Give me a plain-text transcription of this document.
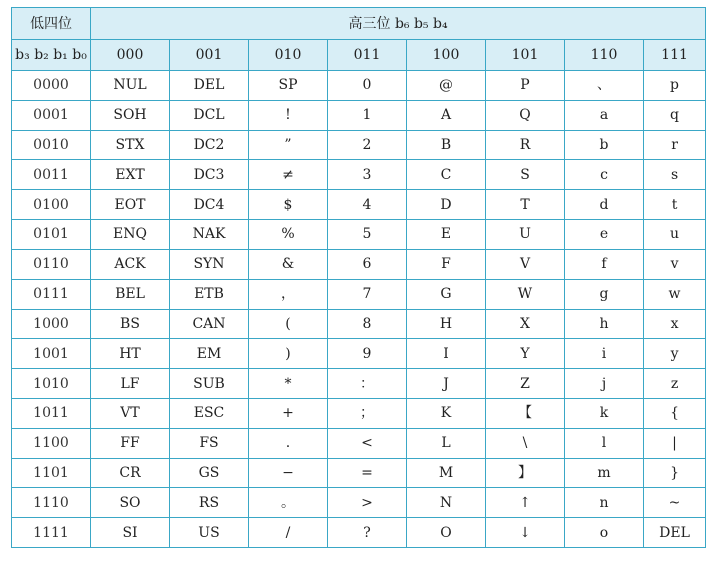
低四位	高三位 b₆ b₅ b₄							
b₃ b₂ b₁ b₀	000	001	010	011	100	101	110	111
0000	NUL	DEL	SP	0	@	P	、	p
0001	SOH	DCL	!	1	A	Q	a	q
0010	STX	DC2	”	2	B	R	b	r
0011	EXT	DC3	≠	3	C	S	c	s
0100	EOT	DC4	$	4	D	T	d	t
0101	ENQ	NAK	%	5	E	U	e	u
0110	ACK	SYN	&	6	F	V	f	v
0111	BEL	ETB	，	7	G	W	g	w
1000	BS	CAN	(	8	H	X	h	x
1001	HT	EM	)	9	I	Y	i	y
1010	LF	SUB	*	：	J	Z	j	z
1011	VT	ESC	+	；	K	【	k	{
1100	FF	FS	.	<	L	\	l	|
1101	CR	GS	−	=	M	】	m	}
1110	SO	RS	。	>	N	↑	n	~
1111	SI	US	/	?	O	↓	o	DEL
